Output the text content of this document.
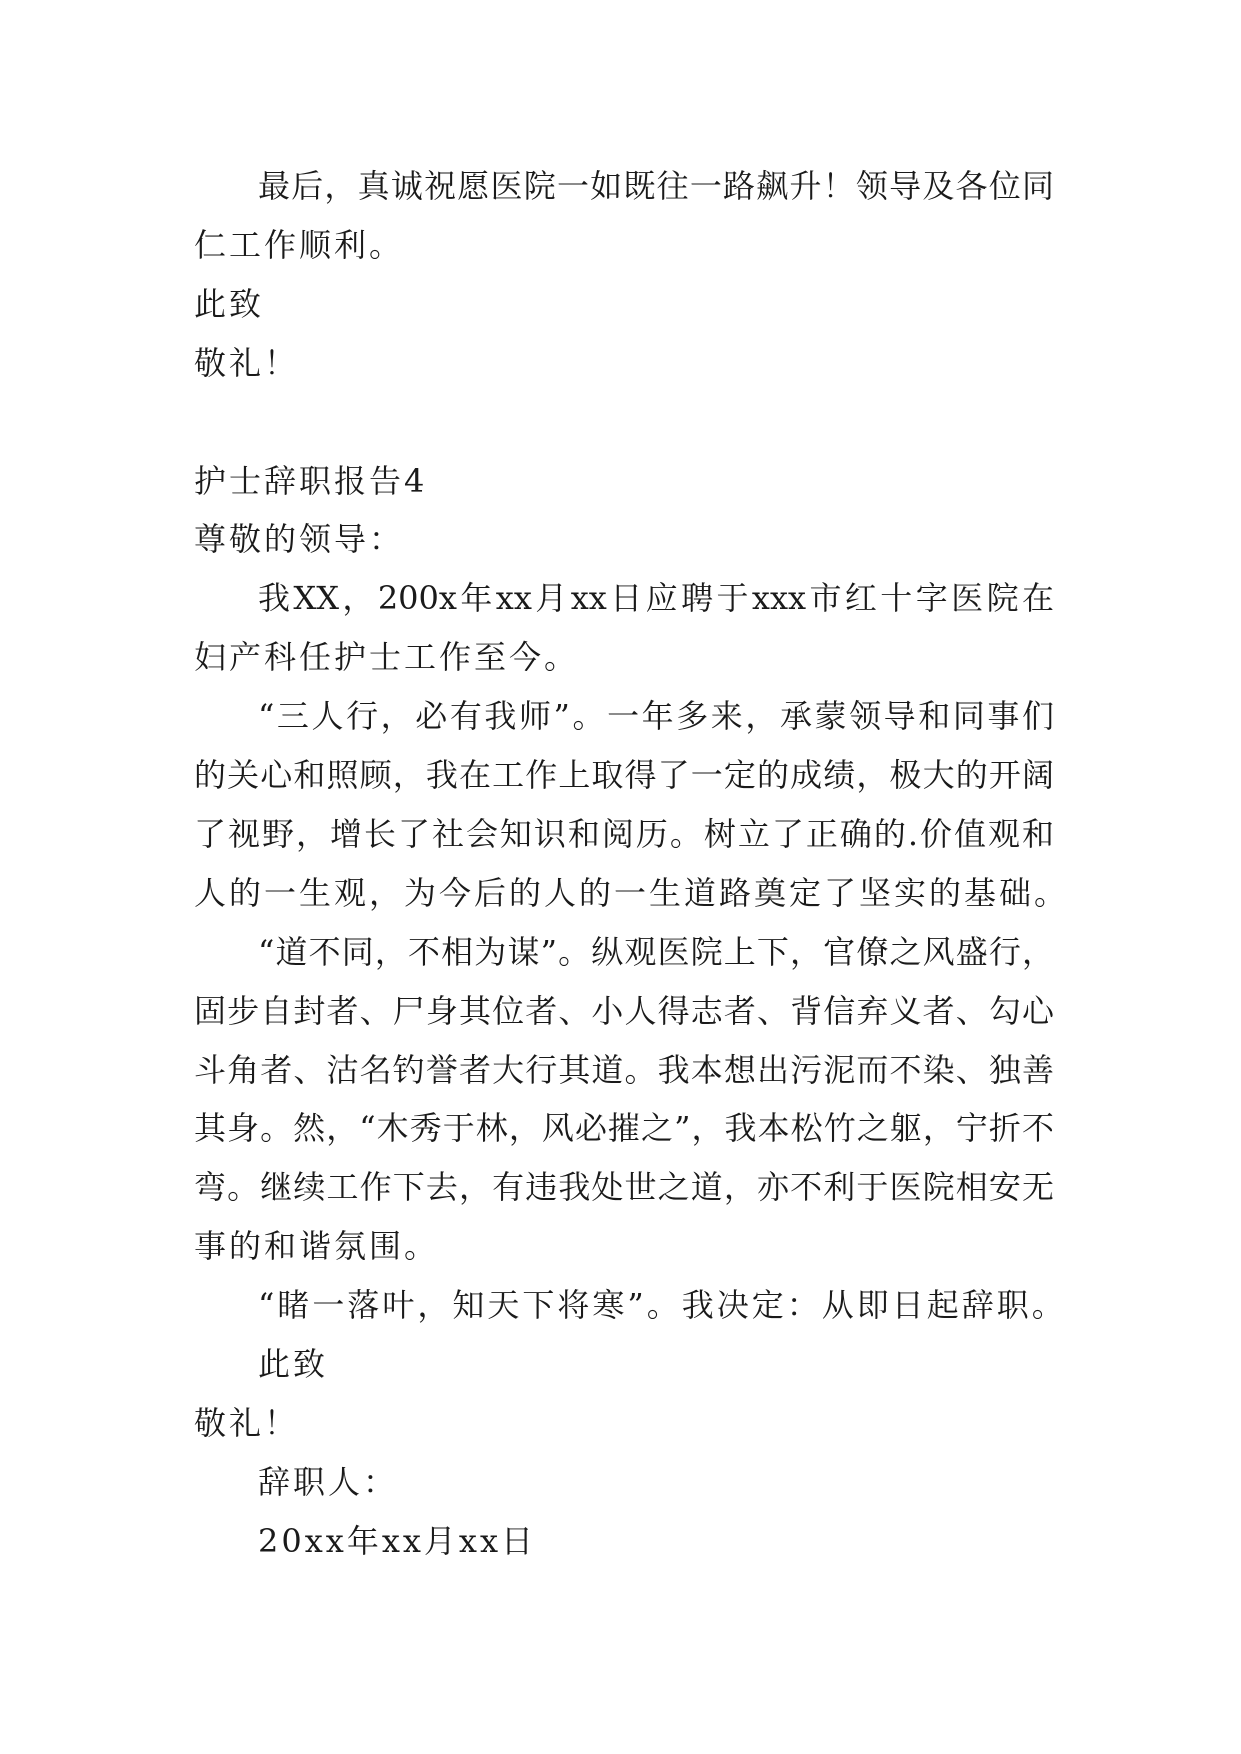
最后，真诚祝愿医院一如既往一路飙升！领导及各位同
仁工作顺利。
此致
敬礼！
护士辞职报告4
尊敬的领导：
我XX，200x年xx月xx日应聘于xxx市红十字医院在
妇产科任护士工作至今。
“三人行，必有我师”。一年多来，承蒙领导和同事们
的关心和照顾，我在工作上取得了一定的成绩，极大的开阔
了视野，增长了社会知识和阅历。树立了正确的.价值观和
人的一生观，为今后的人的一生道路奠定了坚实的基础。
“道不同，不相为谋”。纵观医院上下，官僚之风盛行，
固步自封者、尸身其位者、小人得志者、背信弃义者、勾心
斗角者、沽名钓誉者大行其道。我本想出污泥而不染、独善
其身。然，“木秀于林，风必摧之”，我本松竹之躯，宁折不
弯。继续工作下去，有违我处世之道，亦不利于医院相安无
事的和谐氛围。
“睹一落叶，知天下将寒”。我决定：从即日起辞职。
此致
敬礼！
辞职人：
20xx年xx月xx日
